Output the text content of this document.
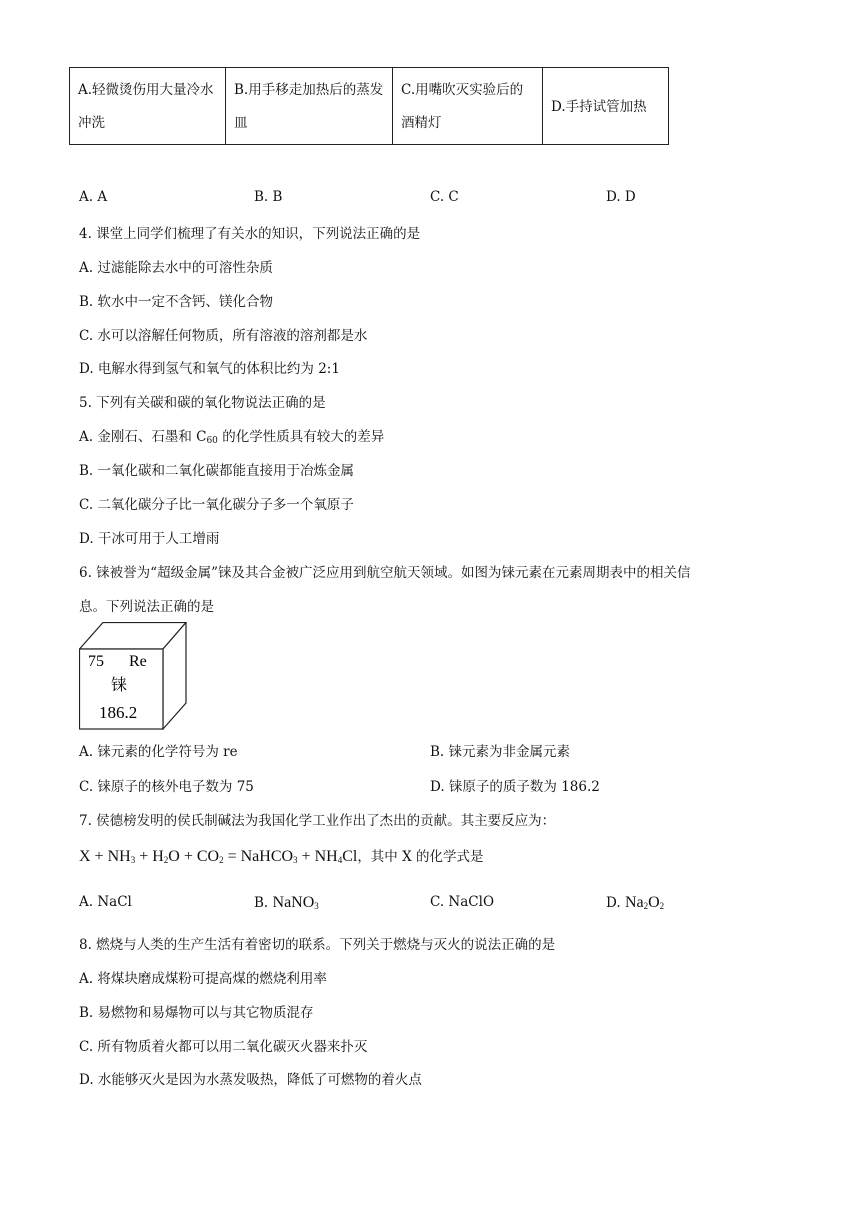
A.轻微烫伤用大量冷水冲洗	B.用手移走加热后的蒸发皿	C.用嘴吹灭实验后的酒精灯	D.手持试管加热
A. A	B. B	C. C	D. D
4. 课堂上同学们梳理了有关水的知识，下列说法正确的是
A. 过滤能除去水中的可溶性杂质
B. 软水中一定不含钙、镁化合物
C. 水可以溶解任何物质，所有溶液的溶剂都是水
D. 电解水得到氢气和氧气的体积比约为 2:1
5. 下列有关碳和碳的氧化物说法正确的是
A. 金刚石、石墨和 $C_{60}$ 的化学性质具有较大的差异
B. 一氧化碳和二氧化碳都能直接用于冶炼金属
C. 二氧化碳分子比一氧化碳分子多一个氧原子
D. 干冰可用于人工增雨
6. 铼被誉为“超级金属”铼及其合金被广泛应用到航空航天领域。如图为铼元素在元素周期表中的相关信
息。下列说法正确的是
75 Re
铼
186.2
A. 铼元素的化学符号为 re	B. 铼元素为非金属元素
C. 铼原子的核外电子数为 75	D. 铼原子的质子数为 186.2
7. 侯德榜发明的侯氏制碱法为我国化学工业作出了杰出的贡献。其主要反应为：
$X + NH_3 + H_2O + CO_2$ = NaHCO$_3$ + $NH_4Cl$，其中 X 的化学式是
A. NaCl	B. NaNO$_3$	C. NaClO	D. $Na_2O_2$
8. 燃烧与人类的生产生活有着密切的联系。下列关于燃烧与灭火的说法正确的是
A. 将煤块磨成煤粉可提高煤的燃烧利用率
B. 易燃物和易爆物可以与其它物质混存
C. 所有物质着火都可以用二氧化碳灭火器来扑灭
D. 水能够灭火是因为水蒸发吸热，降低了可燃物的着火点
